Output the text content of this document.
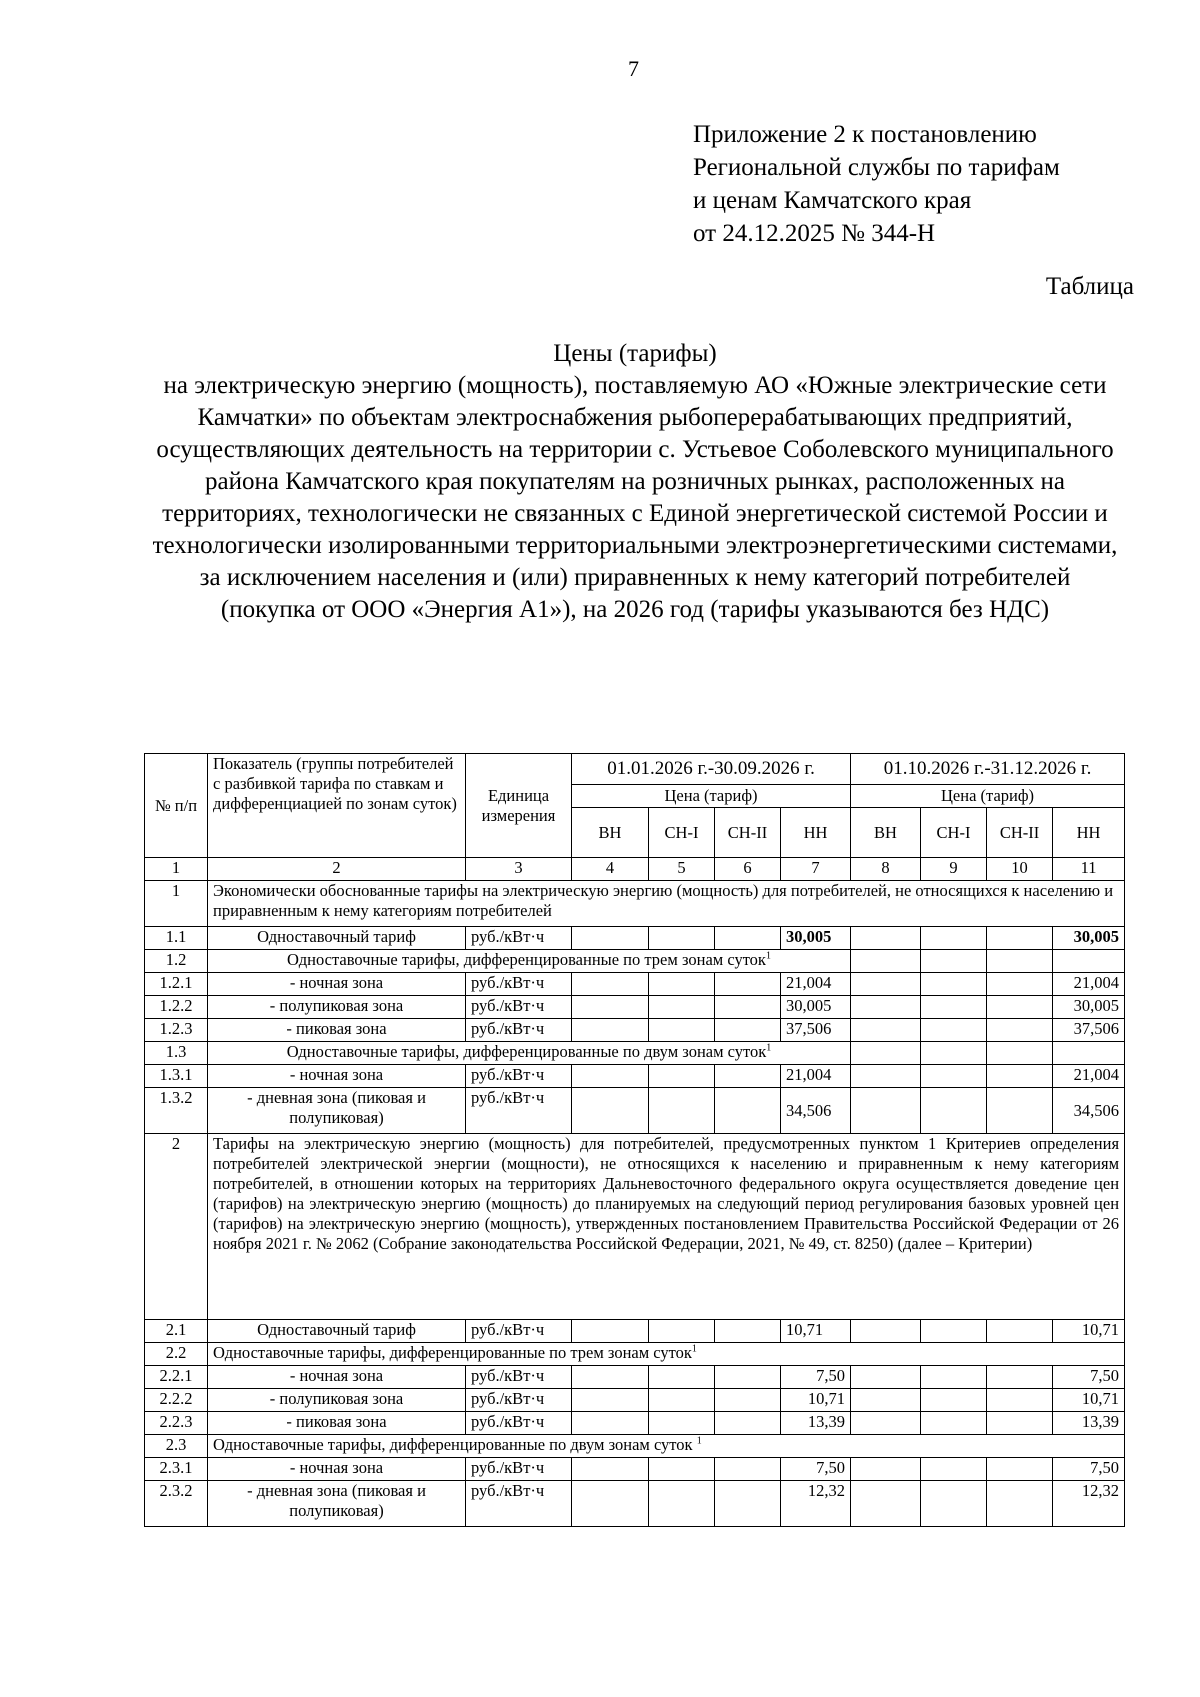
7
Приложение 2 к постановлению
Региональной службы по тарифам
и ценам Камчатского края
от 24.12.2025 № 344-Н
Таблица
Цены (тарифы)
на электрическую энергию (мощность), поставляемую АО «Южные электрические сети Камчатки» по объектам электроснабжения рыбоперерабатывающих предприятий, осуществляющих деятельность на территории с. Устьевое Соболевского муниципального района Камчатского края покупателям на розничных рынках, расположенных на территориях, технологически не связанных с Единой энергетической системой России и технологически изолированными территориальными электроэнергетическими системами, за исключением населения и (или) приравненных к нему категорий потребителей (покупка от ООО «Энергия А1»), на 2026 год (тарифы указываются без НДС)
№ п/п	Показатель (группы потребителей с разбивкой тарифа по ставкам и дифференциацией по зонам суток)	Единица измерения	01.01.2026 г.-30.09.2026 г.				01.10.2026 г.-31.12.2026 г.			
			Цена (тариф)				Цена (тариф)			
			ВН	СН-I	СН-II	НН	ВН	СН-I	СН-II	НН
1	2	3	4	5	6	7	8	9	10	11
1	Экономически обоснованные тарифы на электрическую энергию (мощность) для потребителей, не относящихся к населению и приравненным к нему категориям потребителей									
1.1	Одноставочный тариф	руб./кВт·ч				30,005				30,005
1.2	Одноставочные тарифы, дифференцированные по трем зонам суток$^1$				
1.2.1	- ночная зона	руб./кВт·ч				21,004				21,004
1.2.2	- полупиковая зона	руб./кВт·ч				30,005				30,005
1.2.3	- пиковая зона	руб./кВт·ч				37,506				37,506
1.3	Одноставочные тарифы, дифференцированные по двум зонам суток$^1$				
1.3.1	- ночная зона	руб./кВт·ч				21,004				21,004
1.3.2	- дневная зона (пиковая и полупиковая)	руб./кВт·ч				34,506				34,506
2	Тарифы на электрическую энергию (мощность) для потребителей, предусмотренных пунктом 1 Критериев определения потребителей электрической энергии (мощности), не относящихся к населению и приравненным к нему категориям потребителей, в отношении которых на территориях Дальневосточного федерального округа осуществляется доведение цен (тарифов) на электрическую энергию (мощность) до планируемых на следующий период регулирования базовых уровней цен (тарифов) на электрическую энергию (мощность), утвержденных постановлением Правительства Российской Федерации от 26 ноября 2021 г. № 2062 (Собрание законодательства Российской Федерации, 2021, № 49, ст. 8250) (далее – Критерии)									
2.1	Одноставочный тариф	руб./кВт·ч				10,71				10,71
2.2	Одноставочные тарифы, дифференцированные по трем зонам суток$^1$
2.2.1	- ночная зона	руб./кВт·ч				7,50				7,50
2.2.2	- полупиковая зона	руб./кВт·ч				10,71				10,71
2.2.3	- пиковая зона	руб./кВт·ч				13,39				13,39
2.3	Одноставочные тарифы, дифференцированные по двум зонам суток $^1$
2.3.1	- ночная зона	руб./кВт·ч				7,50				7,50
2.3.2	- дневная зона (пиковая и полупиковая)	руб./кВт·ч				12,32				12,32
